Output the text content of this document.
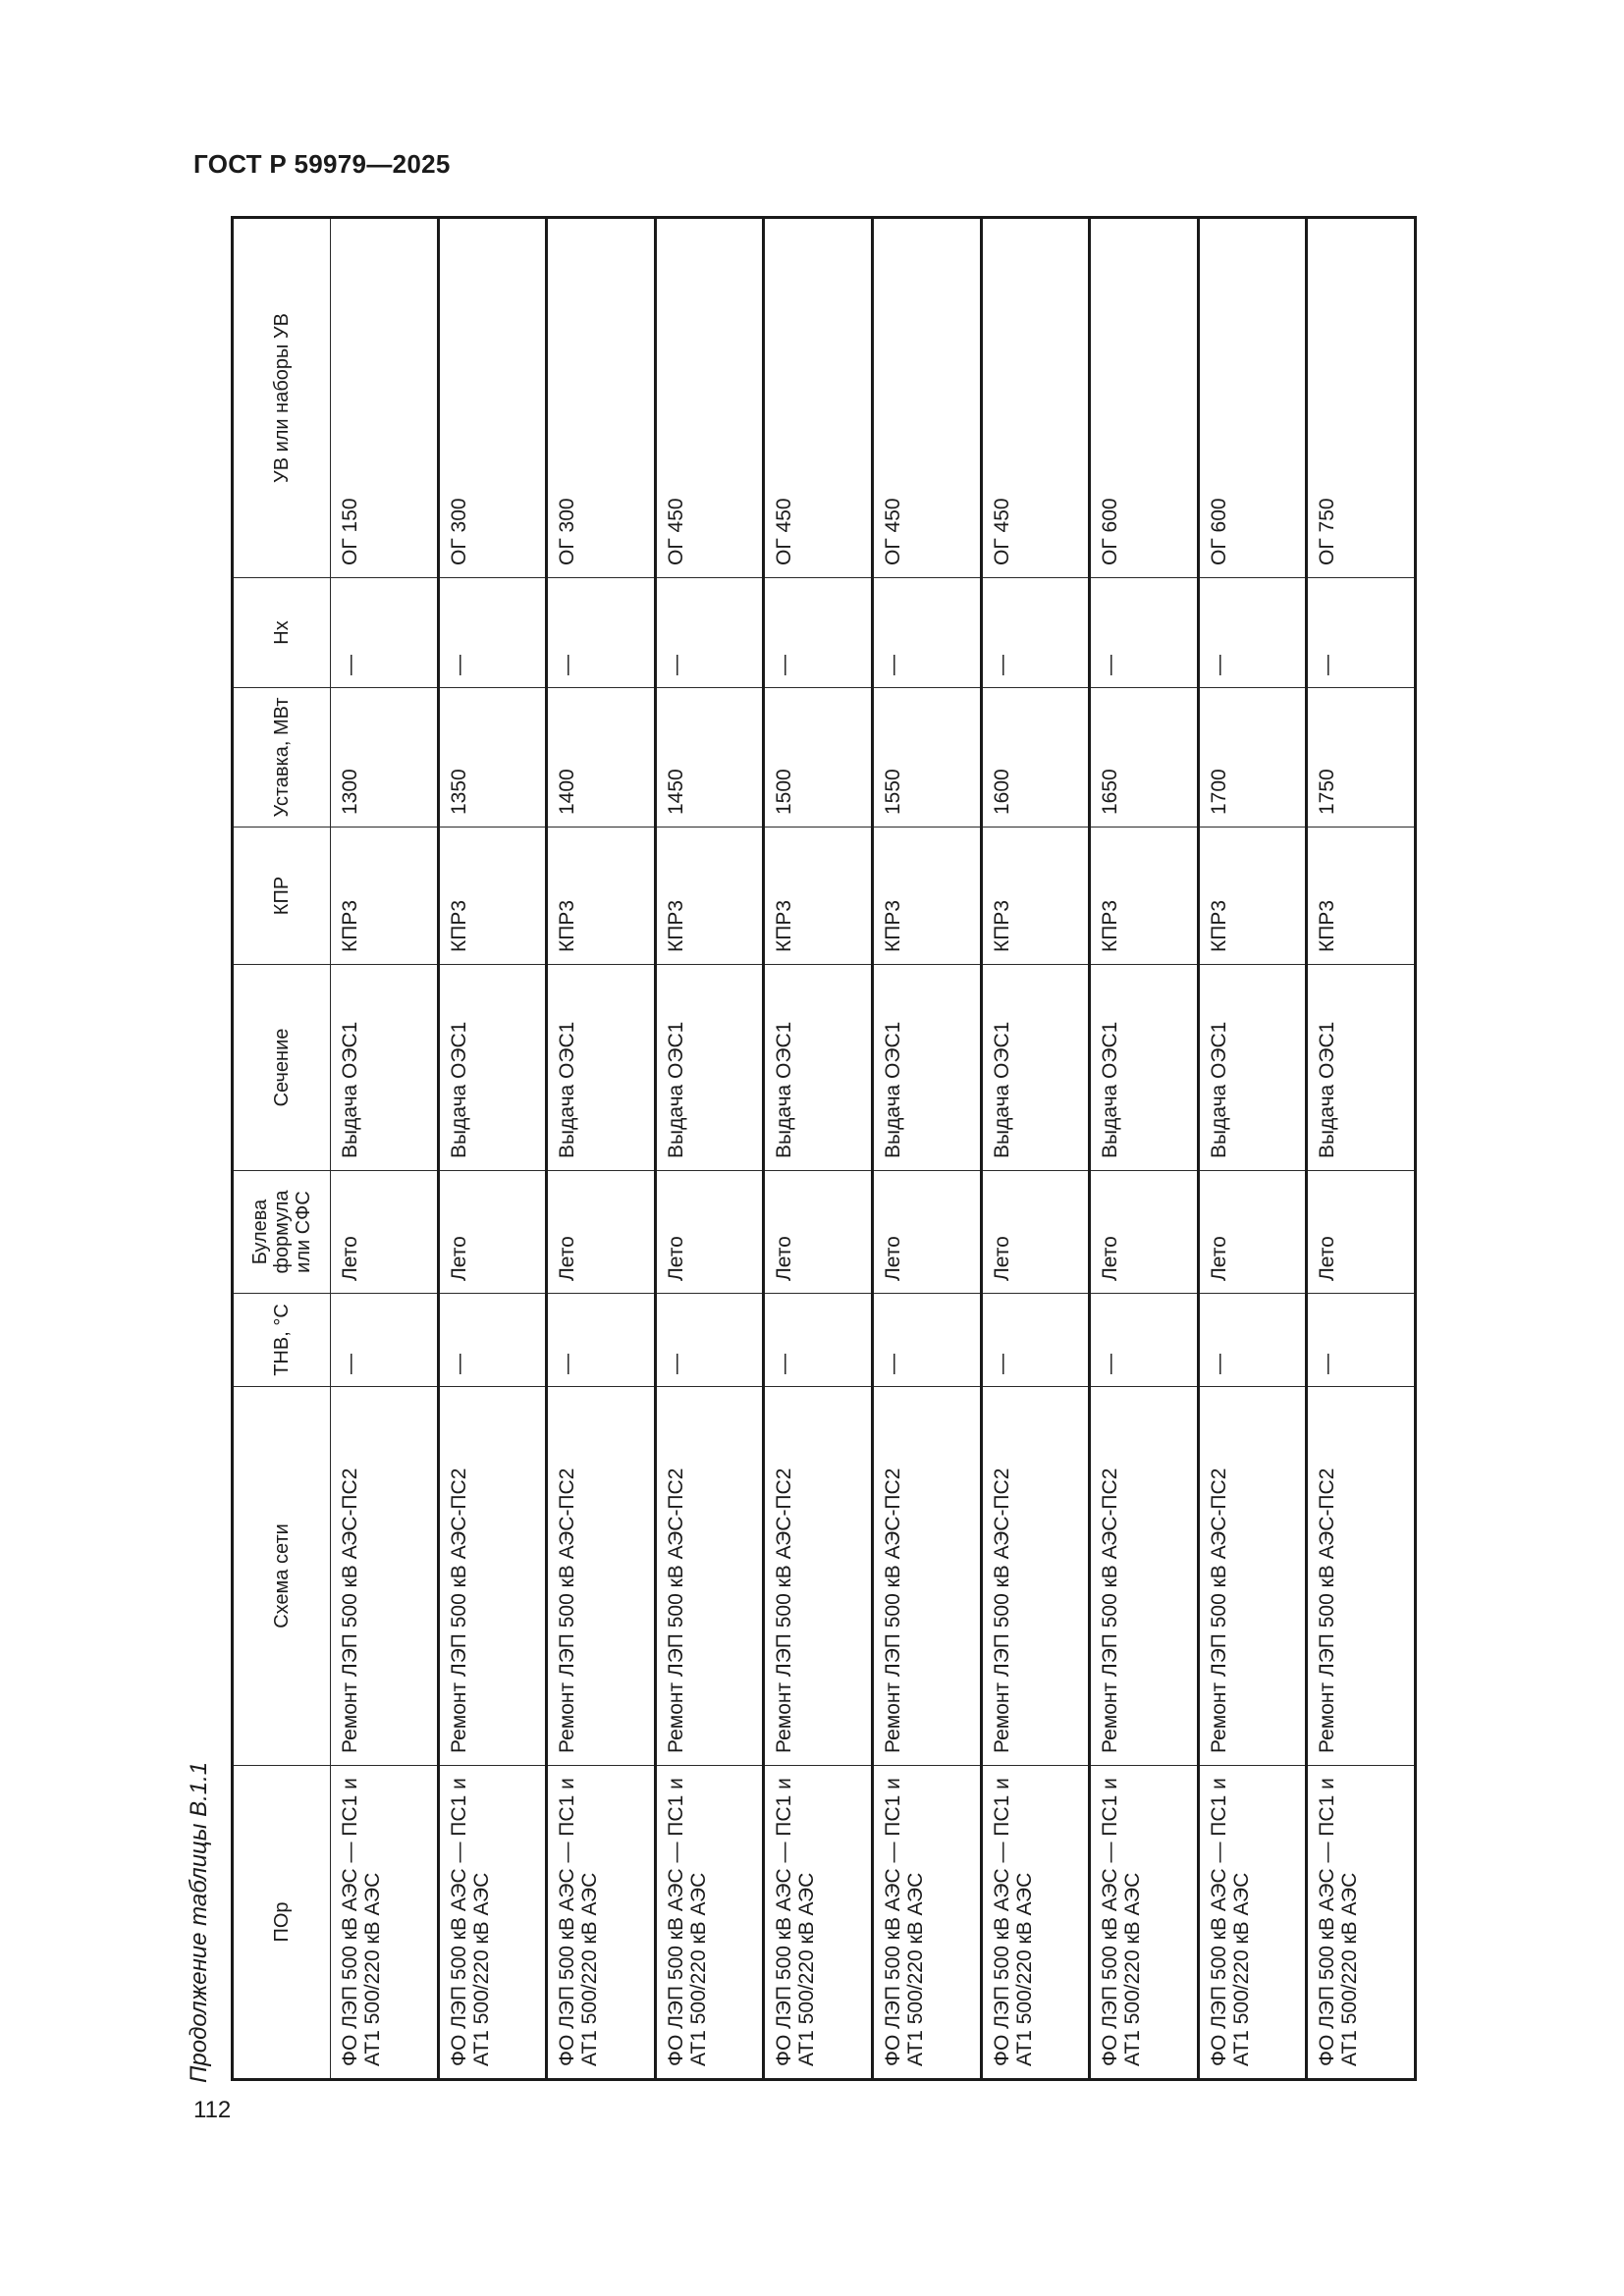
ГОСТ Р 59979—2025
Продолжение таблицы В.1.1	ПОр	Схема сети	ТНВ, °С	Булева формула или СФС	Сечение	КПР	Уставка, МВт	Нх	УВ или наборы УВ
ФО ЛЭП 500 кВ АЭС — ПС1 и АТ1 500/220 кВ АЭС	Ремонт ЛЭП 500 кВ АЭС-ПС2	—	Лето	Выдача ОЭС1	КПР3	1300	—	ОГ 150
ФО ЛЭП 500 кВ АЭС — ПС1 и АТ1 500/220 кВ АЭС	Ремонт ЛЭП 500 кВ АЭС-ПС2	—	Лето	Выдача ОЭС1	КПР3	1350	—	ОГ 300
ФО ЛЭП 500 кВ АЭС — ПС1 и АТ1 500/220 кВ АЭС	Ремонт ЛЭП 500 кВ АЭС-ПС2	—	Лето	Выдача ОЭС1	КПР3	1400	—	ОГ 300
ФО ЛЭП 500 кВ АЭС — ПС1 и АТ1 500/220 кВ АЭС	Ремонт ЛЭП 500 кВ АЭС-ПС2	—	Лето	Выдача ОЭС1	КПР3	1450	—	ОГ 450
ФО ЛЭП 500 кВ АЭС — ПС1 и АТ1 500/220 кВ АЭС	Ремонт ЛЭП 500 кВ АЭС-ПС2	—	Лето	Выдача ОЭС1	КПР3	1500	—	ОГ 450
ФО ЛЭП 500 кВ АЭС — ПС1 и АТ1 500/220 кВ АЭС	Ремонт ЛЭП 500 кВ АЭС-ПС2	—	Лето	Выдача ОЭС1	КПР3	1550	—	ОГ 450
ФО ЛЭП 500 кВ АЭС — ПС1 и АТ1 500/220 кВ АЭС	Ремонт ЛЭП 500 кВ АЭС-ПС2	—	Лето	Выдача ОЭС1	КПР3	1600	—	ОГ 450
ФО ЛЭП 500 кВ АЭС — ПС1 и АТ1 500/220 кВ АЭС	Ремонт ЛЭП 500 кВ АЭС-ПС2	—	Лето	Выдача ОЭС1	КПР3	1650	—	ОГ 600
ФО ЛЭП 500 кВ АЭС — ПС1 и АТ1 500/220 кВ АЭС	Ремонт ЛЭП 500 кВ АЭС-ПС2	—	Лето	Выдача ОЭС1	КПР3	1700	—	ОГ 600
ФО ЛЭП 500 кВ АЭС — ПС1 и АТ1 500/220 кВ АЭС	Ремонт ЛЭП 500 кВ АЭС-ПС2	—	Лето	Выдача ОЭС1	КПР3	1750	—	ОГ 750
112
